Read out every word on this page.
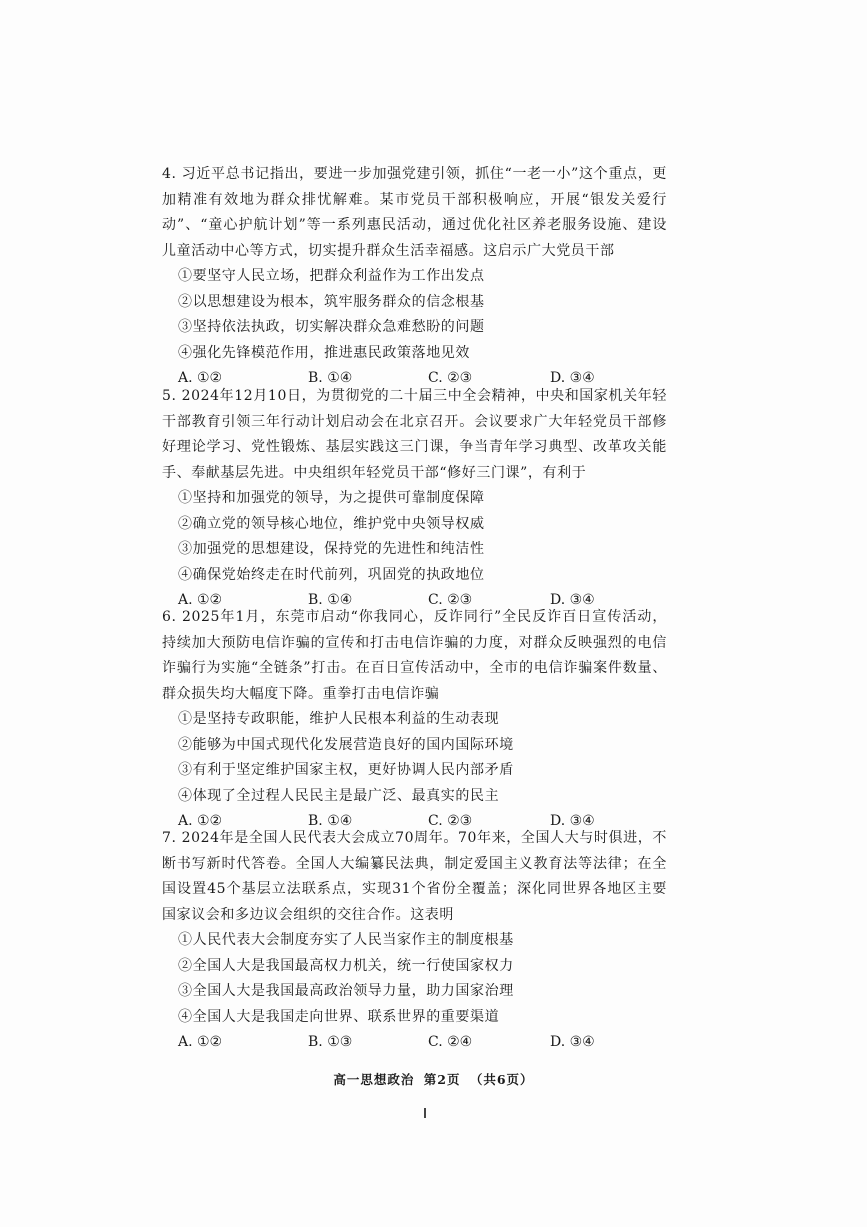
4. 习近平总书记指出，要进一步加强党建引领，抓住“一老一小”这个重点，更加精准有效地为群众排忧解难。某市党员干部积极响应，开展“银发关爱行动”、“童心护航计划”等一系列惠民活动，通过优化社区养老服务设施、建设儿童活动中心等方式，切实提升群众生活幸福感。这启示广大党员干部

①要坚守人民立场，把群众利益作为工作出发点

②以思想建设为根本，筑牢服务群众的信念根基

③坚持依法执政，切实解决群众急难愁盼的问题

④强化先锋模范作用，推进惠民政策落地见效

A. ①②	B. ①④	C. ②③	D. ③④

5. 2024年12月10日，为贯彻党的二十届三中全会精神，中央和国家机关年轻干部教育引领三年行动计划启动会在北京召开。会议要求广大年轻党员干部修好理论学习、党性锻炼、基层实践这三门课，争当青年学习典型、改革攻关能手、奉献基层先进。中央组织年轻党员干部“修好三门课”，有利于

①坚持和加强党的领导，为之提供可靠制度保障

②确立党的领导核心地位，维护党中央领导权威

③加强党的思想建设，保持党的先进性和纯洁性

④确保党始终走在时代前列，巩固党的执政地位

A. ①②	B. ①④	C. ②③	D. ③④

6. 2025年1月，东莞市启动“你我同心，反诈同行”全民反诈百日宣传活动，持续加大预防电信诈骗的宣传和打击电信诈骗的力度，对群众反映强烈的电信诈骗行为实施“全链条”打击。在百日宣传活动中，全市的电信诈骗案件数量、群众损失均大幅度下降。重拳打击电信诈骗

①是坚持专政职能，维护人民根本利益的生动表现

②能够为中国式现代化发展营造良好的国内国际环境

③有利于坚定维护国家主权，更好协调人民内部矛盾

④体现了全过程人民民主是最广泛、最真实的民主

A. ①②	B. ①④	C. ②③	D. ③④

7. 2024年是全国人民代表大会成立70周年。70年来，全国人大与时俱进，不断书写新时代答卷。全国人大编纂民法典，制定爱国主义教育法等法律；在全国设置45个基层立法联系点，实现31个省份全覆盖；深化同世界各地区主要国家议会和多边议会组织的交往合作。这表明

①人民代表大会制度夯实了人民当家作主的制度根基

②全国人大是我国最高权力机关，统一行使国家权力

③全国人大是我国最高政治领导力量，助力国家治理

④全国人大是我国走向世界、联系世界的重要渠道

A. ①②	B. ①③	C. ②④	D. ③④
高一思想政治 第2页 （共6页）
